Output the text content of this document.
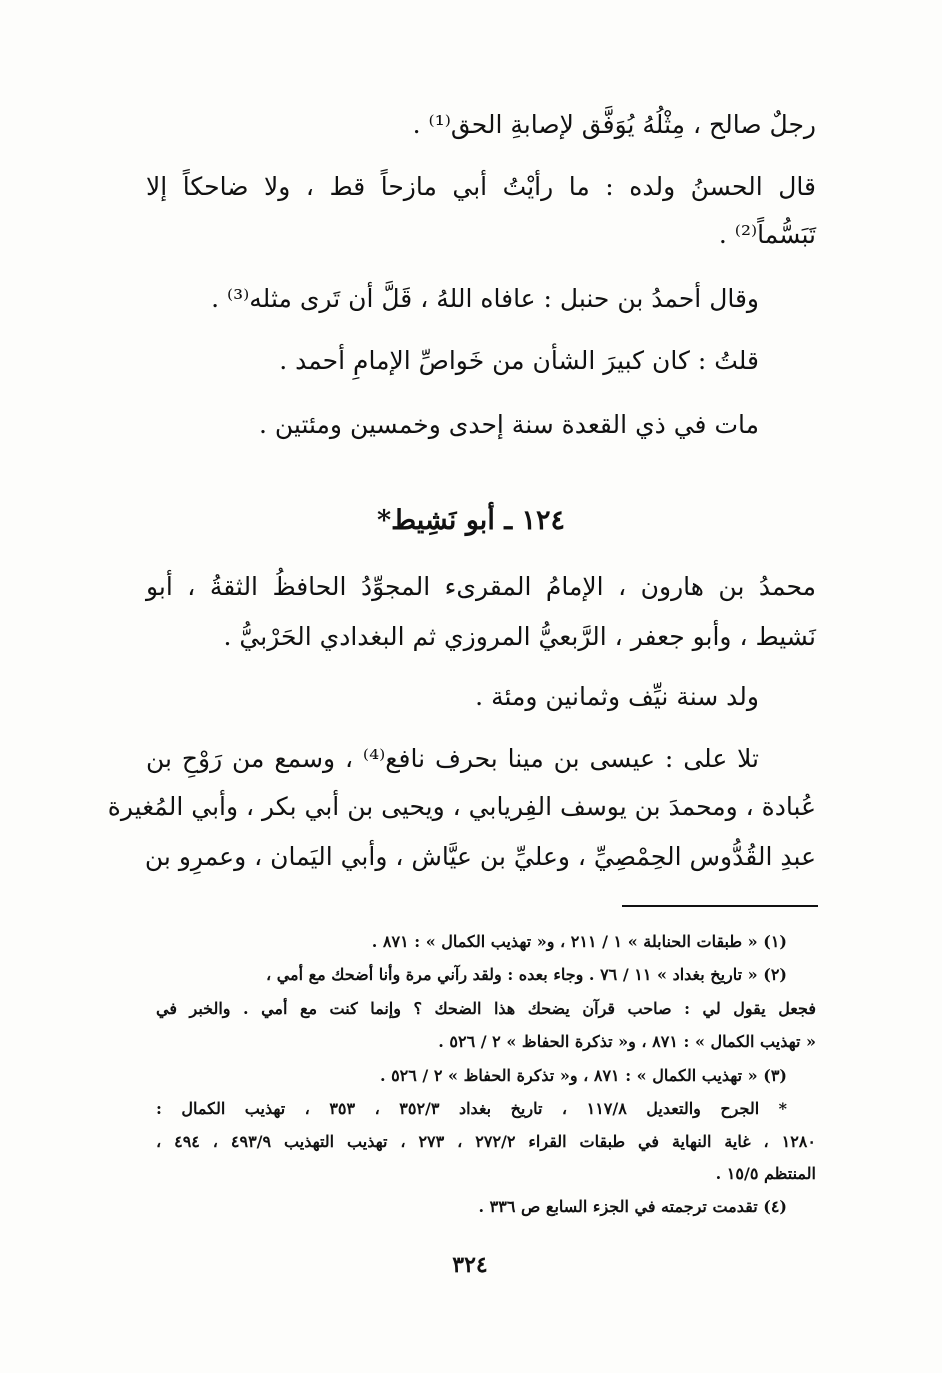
رجلٌ صالح ، مِثْلُهُ يُوَفَّق لإصابةِ الحق⁽¹⁾ .
قال الحسنُ ولده : ما رأيْتُ أبي مازحاً قط ، ولا ضاحكاً إلا
تَبَسُّماً⁽²⁾ .
وقال أحمدُ بن حنبل : عافاه اللهُ ، قَلَّ أن تَرى مثله⁽³⁾ .
قلتُ : كان كبيرَ الشأن من خَواصِّ الإمامِ أحمد .
مات في ذي القعدة سنة إحدى وخمسين ومئتين .
١٢٤ ـ أبو نَشِيط*
محمدُ بن هارون ، الإمامُ المقرىء المجوِّدُ الحافظُ الثقةُ ، أبو
نَشيط ، وأبو جعفر ، الرَّبعيُّ المروزي ثم البغدادي الحَرْبيُّ .
ولد سنة نيِّف وثمانين ومئة .
تلا على : عيسى بن مينا بحرف نافع⁽⁴⁾ ، وسمع من رَوْحِ بن
عُبادة ، ومحمدَ بن يوسف الفِريابي ، ويحيى بن أبي بكر ، وأبي المُغيرة
عبدِ القُدُّوس الحِمْصِيِّ ، وعليِّ بن عيَّاش ، وأبي اليَمان ، وعمرِو بن
(١) « طبقات الحنابلة » ١ / ٢١١ ، و« تهذيب الكمال » : ٨٧١ .
(٢) « تاريخ بغداد » ١١ / ٧٦ . وجاء بعده : ولقد رآني مرة وأنا أضحك مع أمي ،
فجعل يقول لي : صاحب قرآن يضحك هذا الضحك ؟ وإنما كنت مع أمي . والخبر في
« تهذيب الكمال » : ٨٧١ ، و« تذكرة الحفاظ » ٢ / ٥٢٦ .
(٣) « تهذيب الكمال » : ٨٧١ ، و« تذكرة الحفاظ » ٢ / ٥٢٦ .
* الجرح والتعديل ١١٧/٨ ، تاريخ بغداد ٣٥٢/٣ ، ٣٥٣ ، تهذيب الكمال :
١٢٨٠ ، غاية النهاية في طبقات القراء ٢٧٢/٢ ، ٢٧٣ ، تهذيب التهذيب ٤٩٣/٩ ، ٤٩٤ ،
المنتظم ١٥/٥ .
(٤) تقدمت ترجمته في الجزء السابع ص ٣٣٦ .
٣٢٤
